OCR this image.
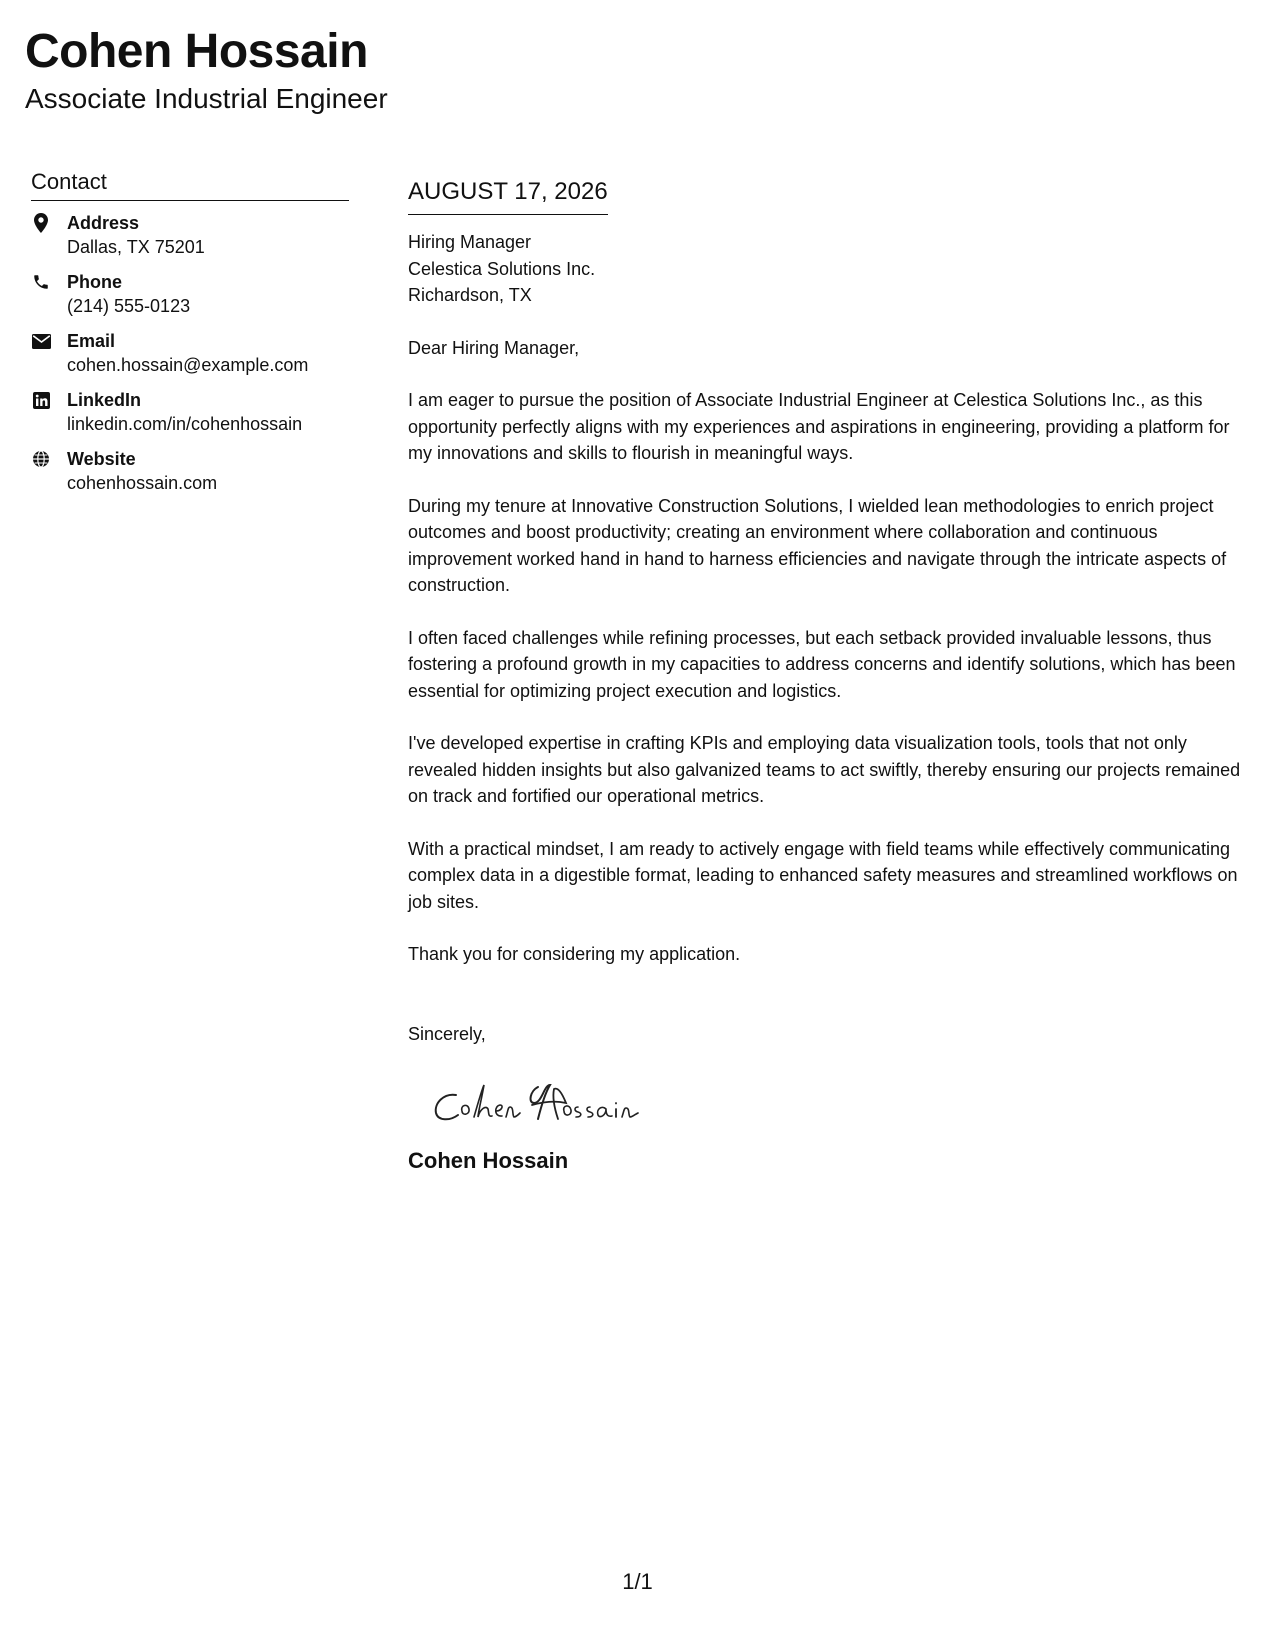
Cohen Hossain
Associate Industrial Engineer
Contact
Address
Dallas, TX 75201
Phone
(214) 555-0123
Email
cohen.hossain@example.com
LinkedIn
linkedin.com/in/cohenhossain
Website
cohenhossain.com
AUGUST 17, 2026
Hiring Manager
Celestica Solutions Inc.
Richardson, TX
Dear Hiring Manager,
I am eager to pursue the position of Associate Industrial Engineer at Celestica Solutions Inc., as this opportunity perfectly aligns with my experiences and aspirations in engineering, providing a platform for my innovations and skills to flourish in meaningful ways.
During my tenure at Innovative Construction Solutions, I wielded lean methodologies to enrich project outcomes and boost productivity; creating an environment where collaboration and continuous improvement worked hand in hand to harness efficiencies and navigate through the intricate aspects of construction.
I often faced challenges while refining processes, but each setback provided invaluable lessons, thus fostering a profound growth in my capacities to address concerns and identify solutions, which has been essential for optimizing project execution and logistics.
I've developed expertise in crafting KPIs and employing data visualization tools, tools that not only revealed hidden insights but also galvanized teams to act swiftly, thereby ensuring our projects remained on track and fortified our operational metrics.
With a practical mindset, I am ready to actively engage with field teams while effectively communicating complex data in a digestible format, leading to enhanced safety measures and streamlined workflows on job sites.
Thank you for considering my application.
Sincerely,
Cohen Hossain
1/1
